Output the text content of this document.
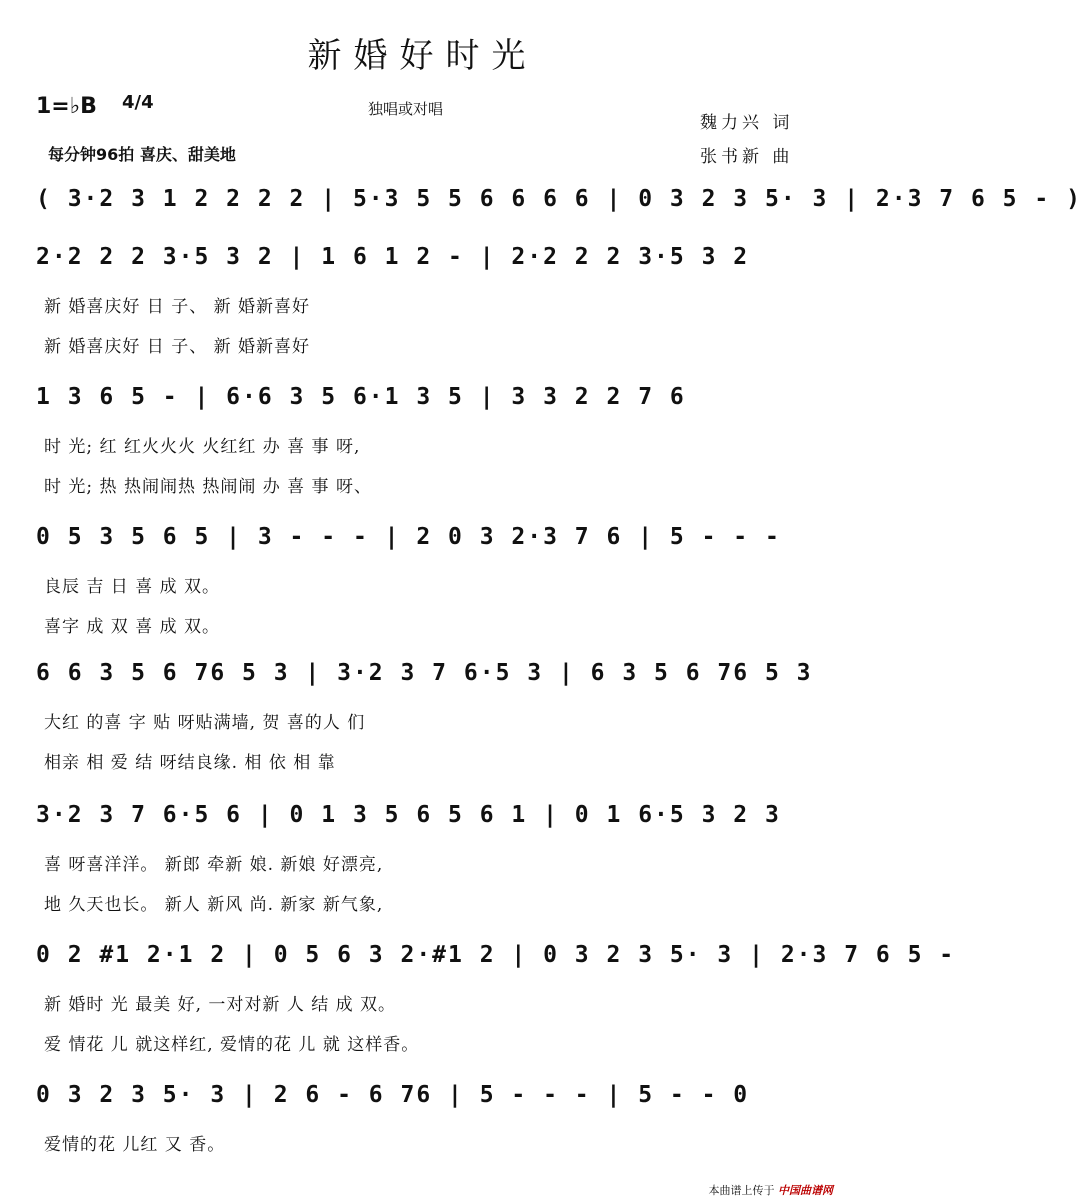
新婚好时光
1=♭B 4/4	独唱或对唱
魏力兴 词
张书新 曲
每分钟96拍 喜庆、甜美地
( 3·2 3 1 2 2 2 2 | 5·3 5 5 6 6 6 6 | 0 3 2 3 5· 3 | 2·3 7 6 5 - )
2·2 2 2 3·5 3 2 | 1 6 1 2 - | 2·2 2 2 3·5 3 2
新 婚喜庆好 日 子、 新 婚新喜好
新 婚喜庆好 日 子、 新 婚新喜好
1 3 6 5 - | 6·6 3 5 6·1 3 5 | 3 3 2 2 7 6
时 光; 红 红火火火 火红红 办 喜 事 呀,
时 光; 热 热闹闹热 热闹闹 办 喜 事 呀、
0 5 3 5 6 5 | 3 - - - | 2 0 3 2·3 7 6 | 5 - - -
良辰 吉 日 喜 成 双。
喜字 成 双 喜 成 双。
6 6 3 5 6 76 5 3 | 3·2 3 7 6·5 3 | 6 3 5 6 76 5 3
大红 的喜 字 贴 呀贴满墙, 贺 喜的人 们
相亲 相 爱 结 呀结良缘. 相 依 相 靠
3·2 3 7 6·5 6 | 0 1 3 5 6 5 6 1 | 0 1 6·5 3 2 3
喜 呀喜洋洋。 新郎 牵新 娘. 新娘 好漂亮,
地 久天也长。 新人 新风 尚. 新家 新气象,
0 2 #1 2·1 2 | 0 5 6 3 2·#1 2 | 0 3 2 3 5· 3 | 2·3 7 6 5 -
新 婚时 光 最美 好, 一对对新 人 结 成 双。
爱 情花 儿 就这样红, 爱情的花 儿 就 这样香。
0 3 2 3 5· 3 | 2 6 - 6 76 | 5 - - - | 5 - - 0
爱情的花 儿红 又 香。
本曲谱上传于 中国曲谱网
